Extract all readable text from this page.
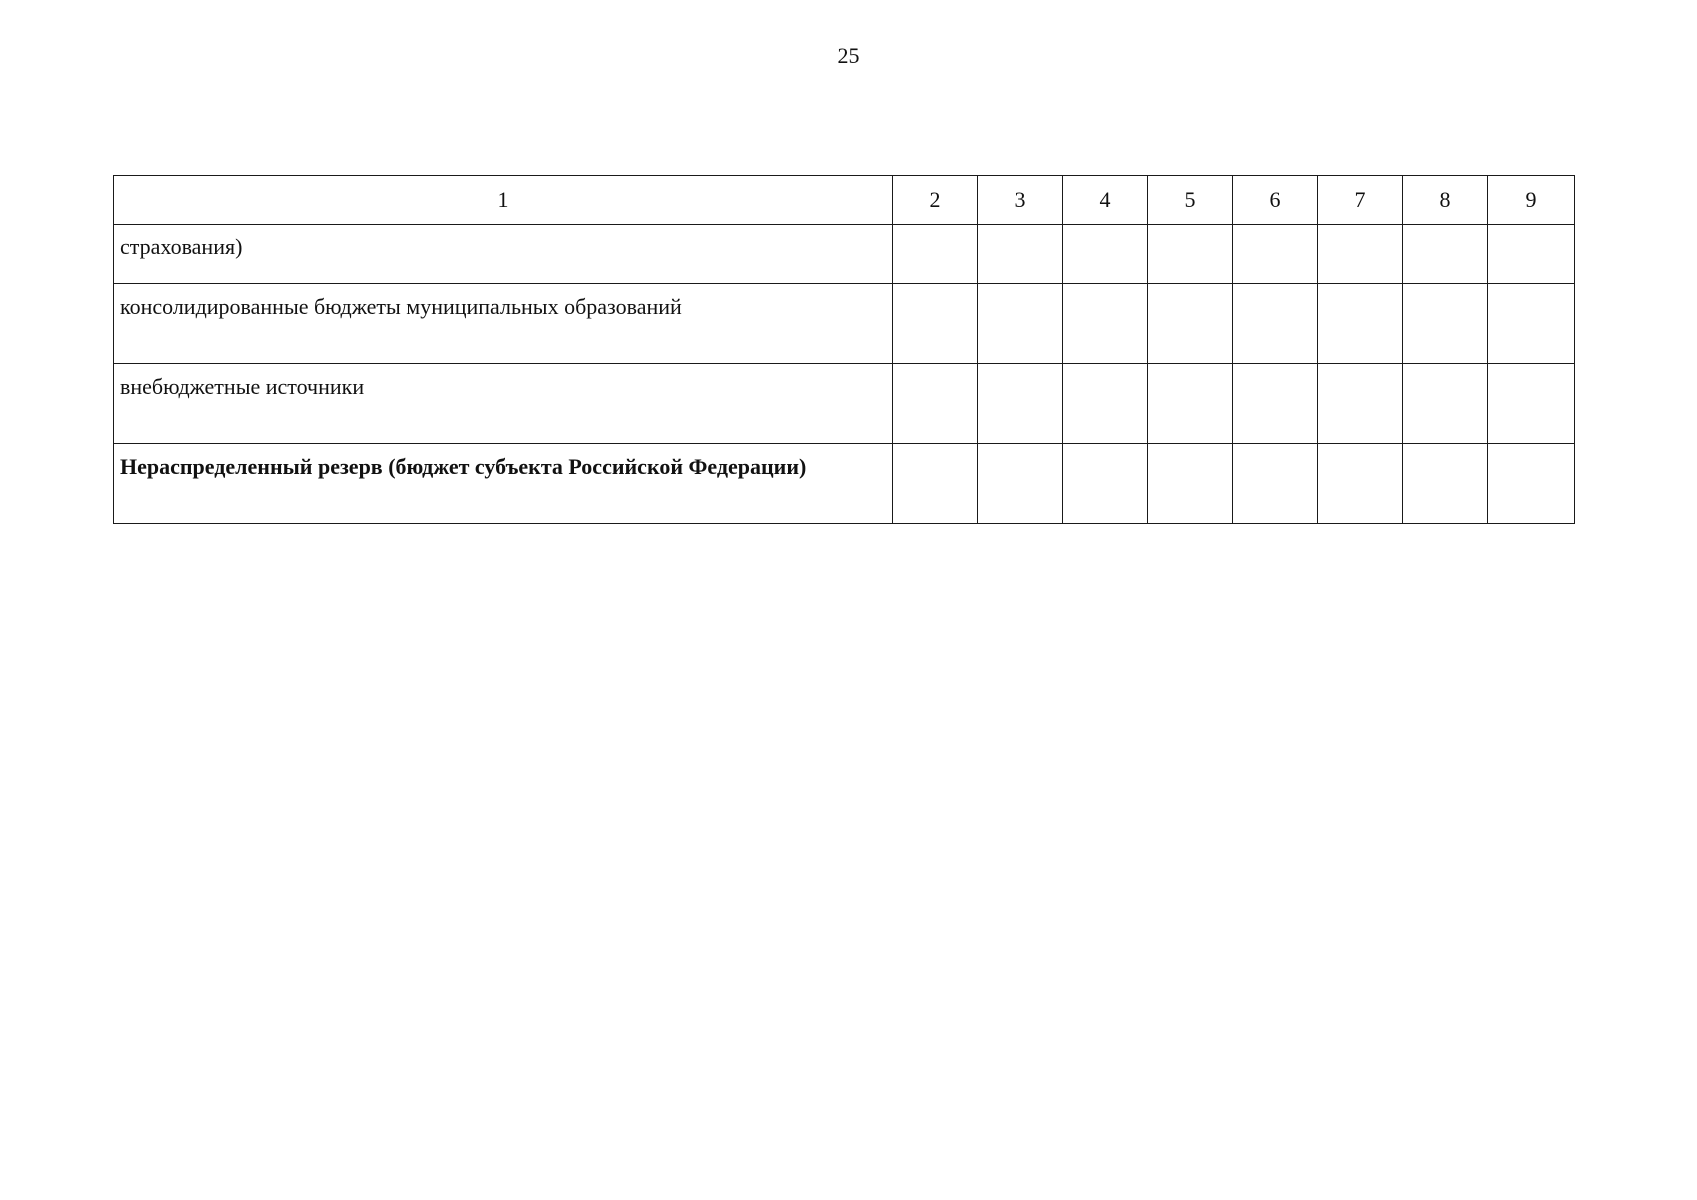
25
1	2	3	4	5	6	7	8	9
страхования)								
консолидированные бюджеты муниципальных образований								
внебюджетные источники								
Нераспределенный резерв (бюджет субъекта Российской Федерации)								
